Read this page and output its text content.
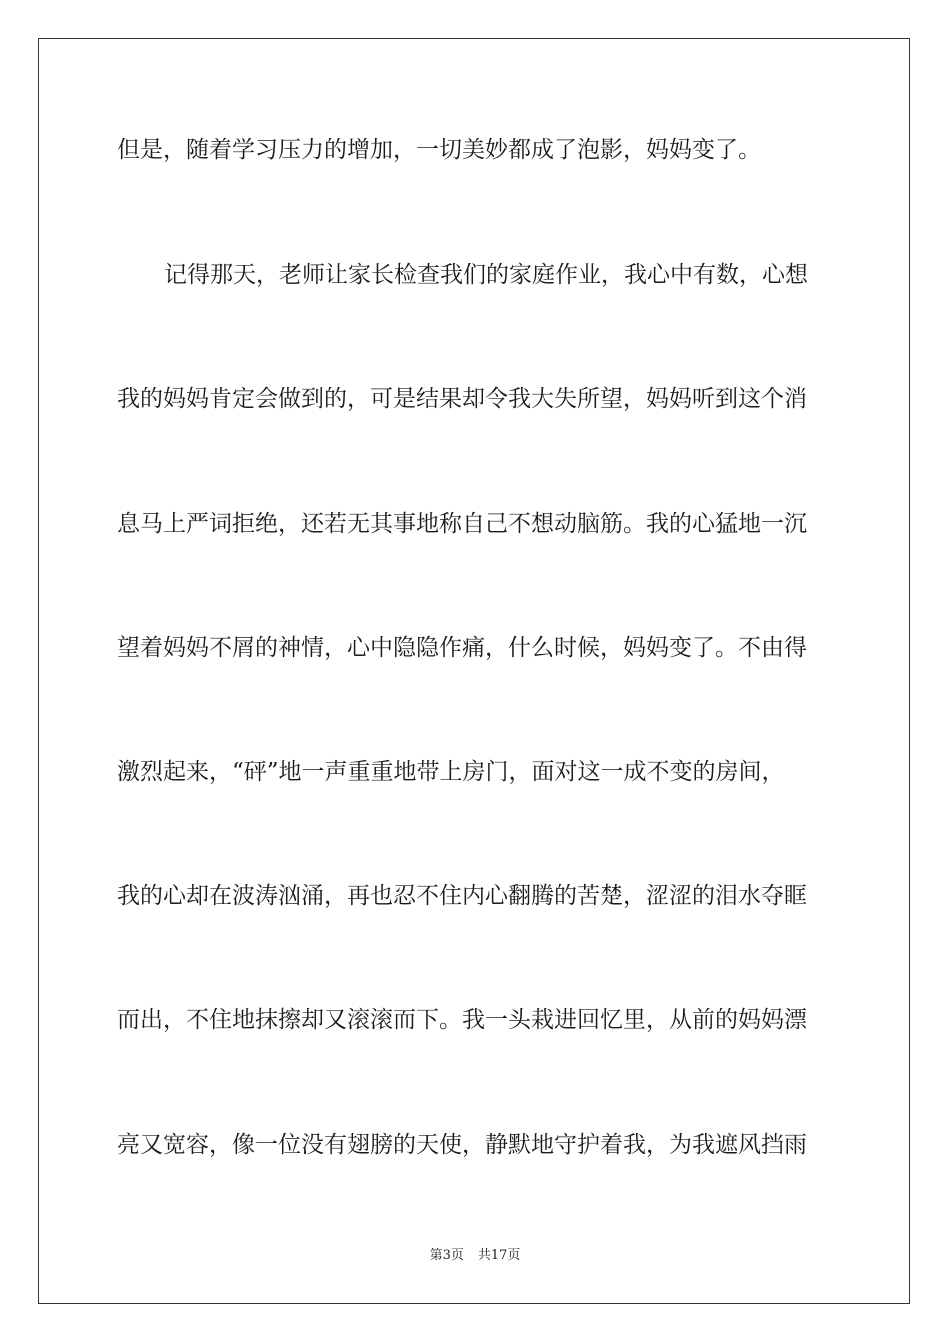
但是，随着学习压力的增加，一切美妙都成了泡影，妈妈变了。
记得那天，老师让家长检查我们的家庭作业，我心中有数，心想
我的妈妈肯定会做到的，可是结果却令我大失所望，妈妈听到这个消
息马上严词拒绝，还若无其事地称自己不想动脑筋。我的心猛地一沉
望着妈妈不屑的神情，心中隐隐作痛，什么时候，妈妈变了。不由得
激烈起来，“砰”地一声重重地带上房门，面对这一成不变的房间，
我的心却在波涛汹涌，再也忍不住内心翻腾的苦楚，涩涩的泪水夺眶
而出，不住地抹擦却又滚滚而下。我一头栽进回忆里，从前的妈妈漂
亮又宽容，像一位没有翅膀的天使，静默地守护着我，为我遮风挡雨
第3页 共17页
